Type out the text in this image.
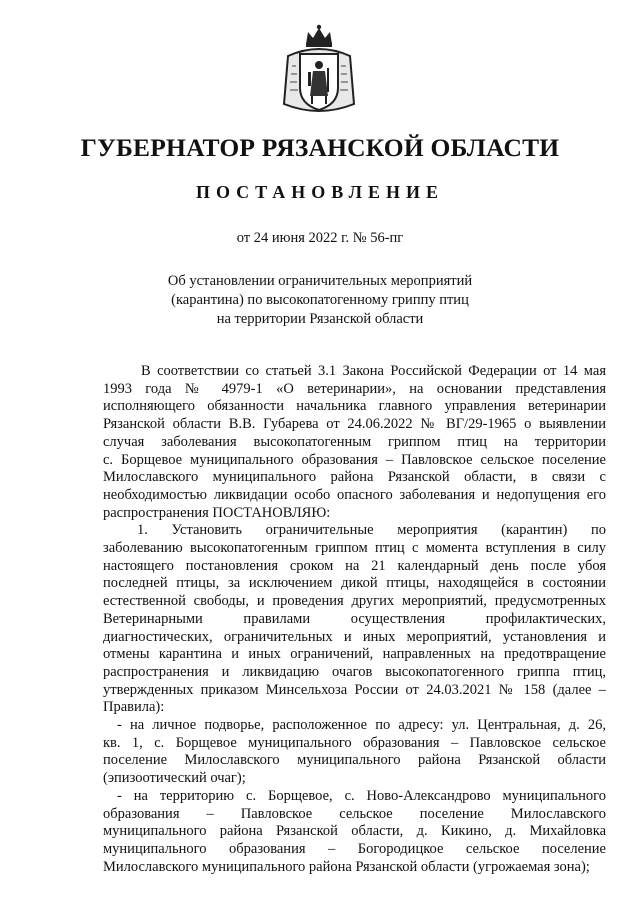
ГУБЕРНАТОР РЯЗАНСКОЙ ОБЛАСТИ
ПОСТАНОВЛЕНИЕ
от 24 июня 2022 г. № 56-пг
Об установлении ограничительных мероприятий
(карантина) по высокопатогенному гриппу птиц
на территории Рязанской области
В соответствии со статьей 3.1 Закона Российской Федерации от 14 мая
1993 года № 4979-1 «О ветеринарии», на основании представления
исполняющего обязанности начальника главного управления ветеринарии
Рязанской области В.В. Губарева от 24.06.2022 № ВГ/29-1965 о выявлении
случая заболевания высокопатогенным гриппом птиц на территории
с. Борщевое муниципального образования – Павловское сельское поселение
Милославского муниципального района Рязанской области, в связи с
необходимостью ликвидации особо опасного заболевания и недопущения его
распространения ПОСТАНОВЛЯЮ:
1. Установить ограничительные мероприятия (карантин) по
заболеванию высокопатогенным гриппом птиц с момента вступления в силу
настоящего постановления сроком на 21 календарный день после убоя
последней птицы, за исключением дикой птицы, находящейся в состоянии
естественной свободы, и проведения других мероприятий, предусмотренных
Ветеринарными правилами осуществления профилактических,
диагностических, ограничительных и иных мероприятий, установления и
отмены карантина и иных ограничений, направленных на предотвращение
распространения и ликвидацию очагов высокопатогенного гриппа птиц,
утвержденных приказом Минсельхоза России от 24.03.2021 № 158 (далее –
Правила):
- на личное подворье, расположенное по адресу: ул. Центральная, д. 26,
кв. 1, с. Борщевое муниципального образования – Павловское сельское
поселение Милославского муниципального района Рязанской области
(эпизоотический очаг);
- на территорию с. Борщевое, с. Ново-Александрово муниципального
образования – Павловское сельское поселение Милославского
муниципального района Рязанской области, д. Кикино, д. Михайловка
муниципального образования – Богородицкое сельское поселение
Милославского муниципального района Рязанской области (угрожаемая зона);
